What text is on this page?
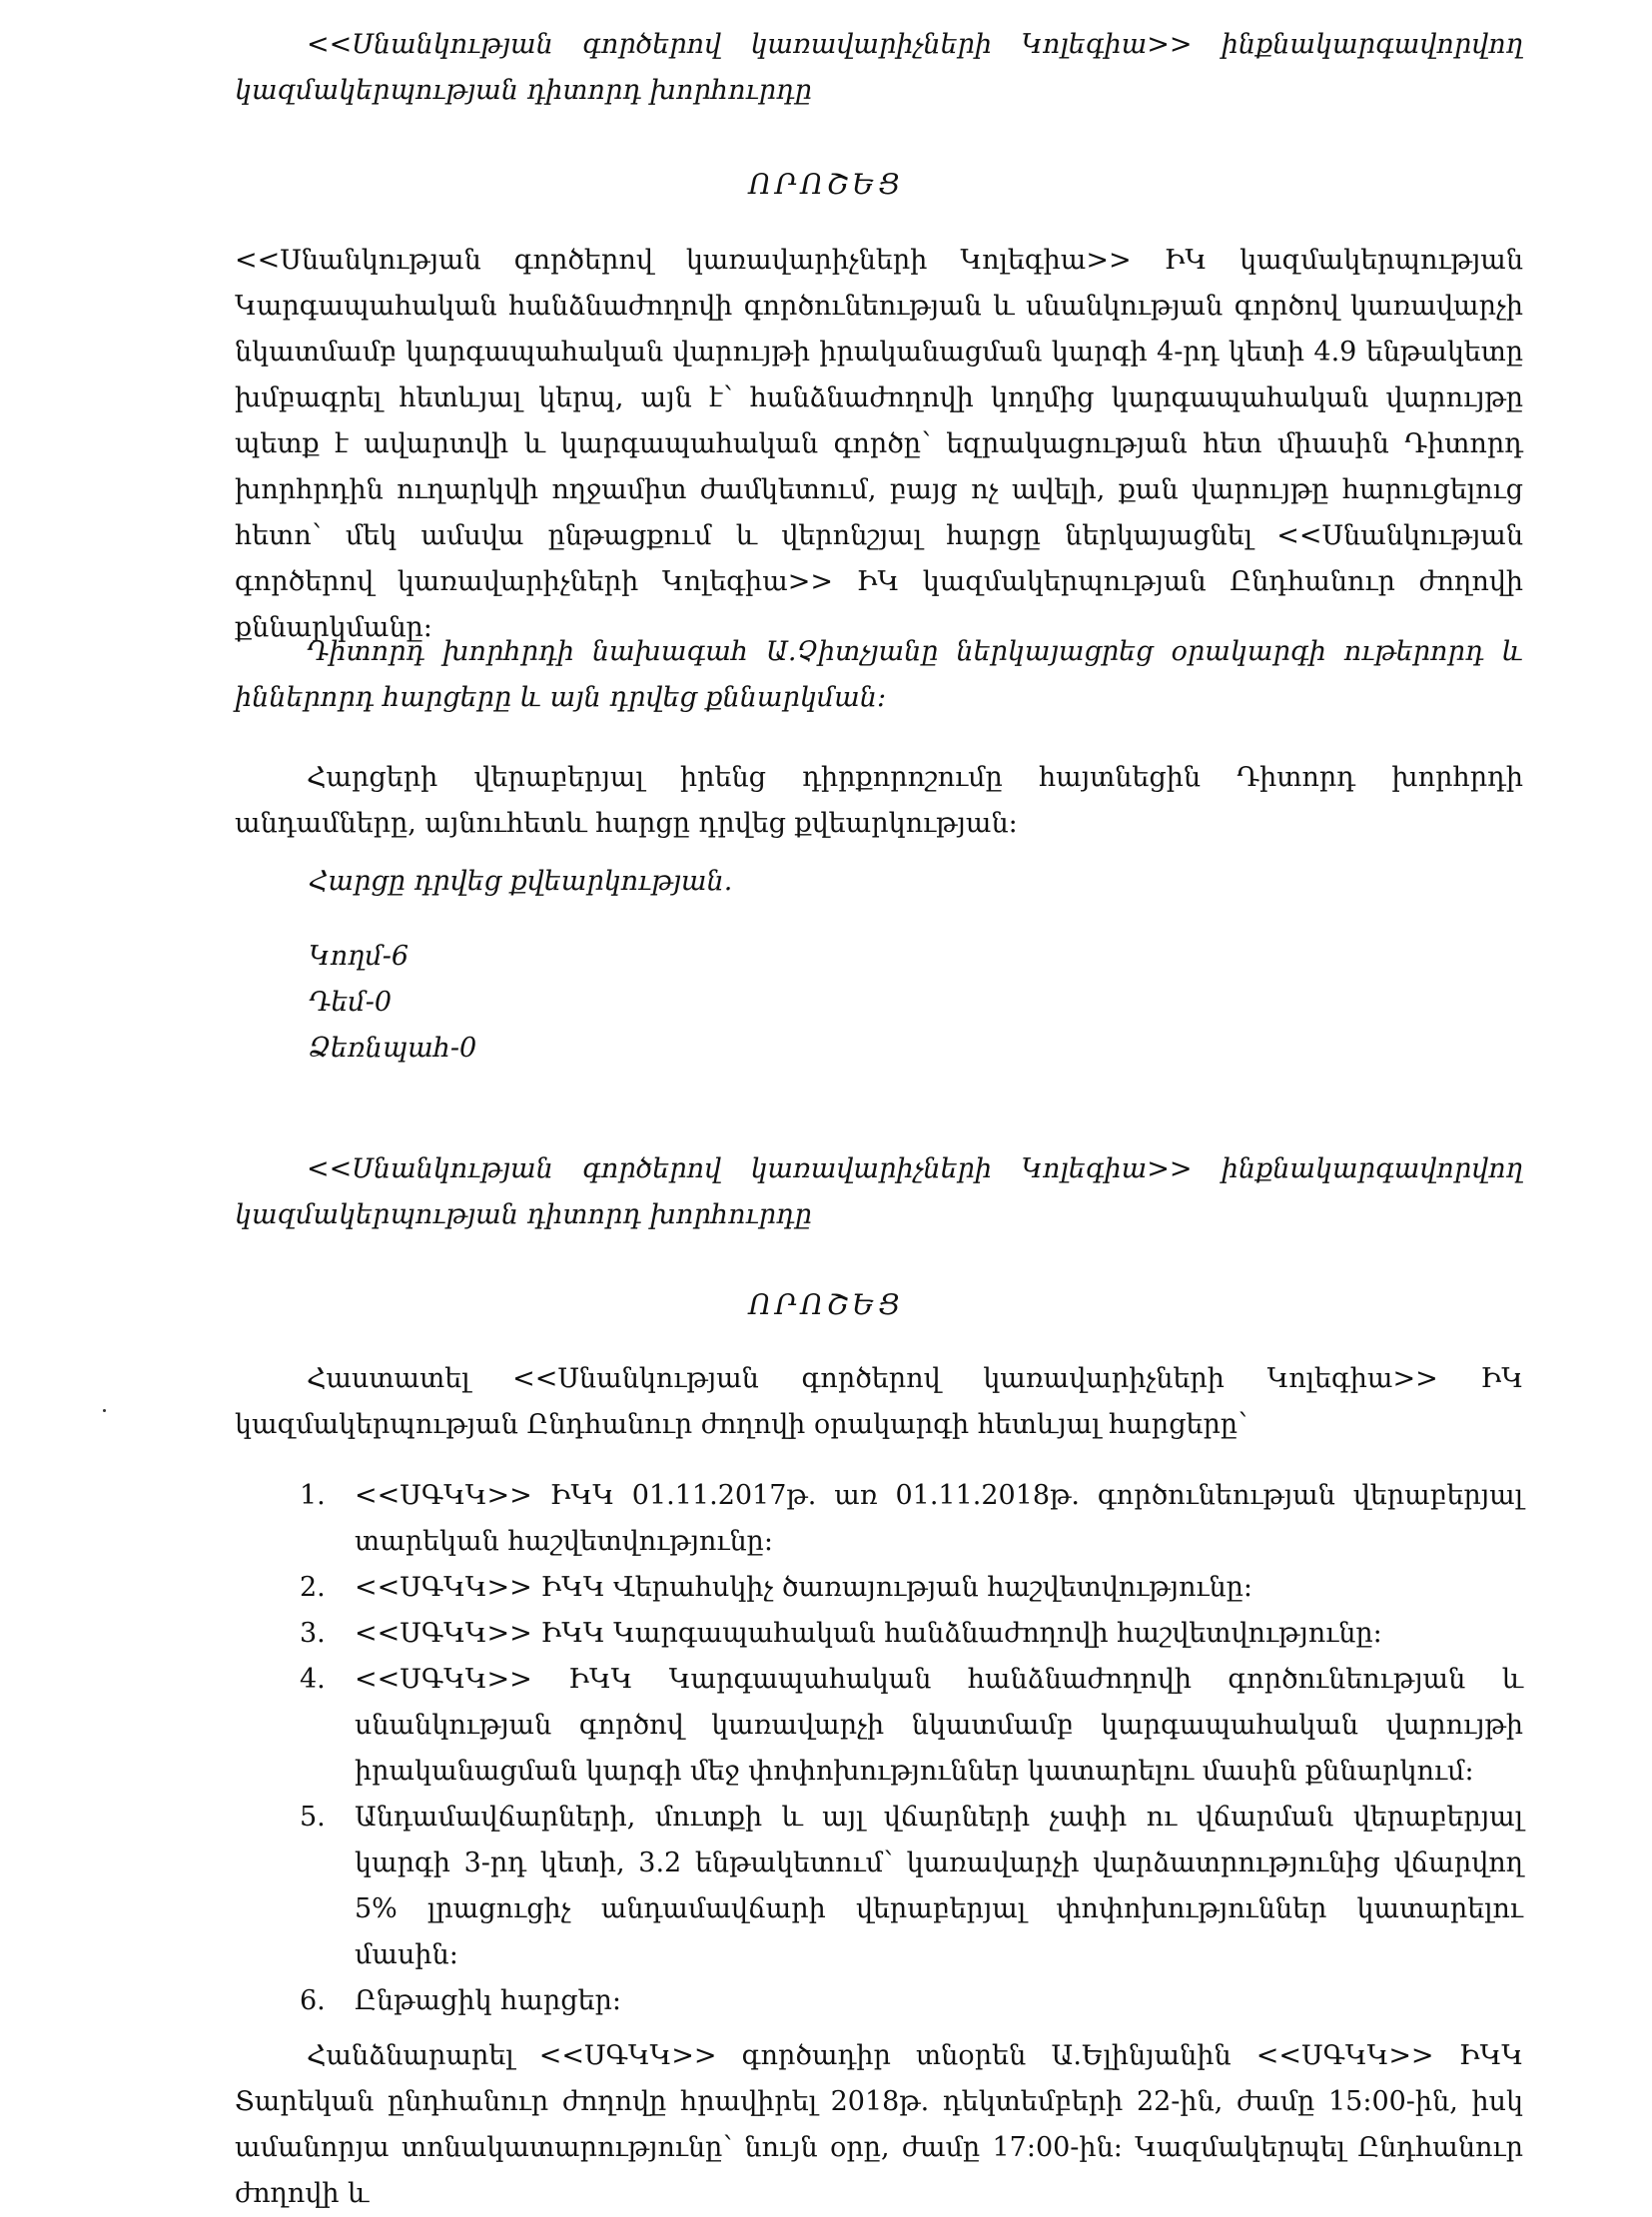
<<Սնանկության գործերով կառավարիչների Կոլեգիա>> ինքնակարգավորվող կազմակերպության դիտորդ խորհուրդը

ՈՐՈՇԵՑ

<<Սնանկության գործերով կառավարիչների Կոլեգիա>> ԻԿ կազմակերպության Կարգապահական հանձնաժողովի գործունեության և սնանկության գործով կառավարչի նկատմամբ կարգապահական վարույթի իրականացման կարգի 4-րդ կետի 4.9 ենթակետը խմբագրել հետևյալ կերպ, այն է՝ հանձնաժողովի կողմից կարգապահական վարույթը պետք է ավարտվի և կարգապահական գործը՝ եզրակացության հետ միասին Դիտորդ խորհրդին ուղարկվի ողջամիտ ժամկետում, բայց ոչ ավելի, քան վարույթը հարուցելուց հետո՝ մեկ ամսվա ընթացքում և վերոնշյալ հարցը ներկայացնել <<Սնանկության գործերով կառավարիչների Կոլեգիա>> ԻԿ կազմակերպության Ընդհանուր ժողովի քննարկմանը:

Դիտորդ խորհրդի նախագահ Ա.Չիտչյանը ներկայացրեց օրակարգի ութերորդ և իններորդ հարցերը և այն դրվեց քննարկման:

Հարցերի վերաբերյալ իրենց դիրքորոշումը հայտնեցին Դիտորդ խորհրդի անդամները, այնուհետև հարցը դրվեց քվեարկության:

Հարցը դրվեց քվեարկության.

Կողմ-6

Դեմ-0

Ձեռնպահ-0

<<Սնանկության գործերով կառավարիչների Կոլեգիա>> ինքնակարգավորվող կազմակերպության դիտորդ խորհուրդը

ՈՐՈՇԵՑ

Հաստատել <<Սնանկության գործերով կառավարիչների Կոլեգիա>> ԻԿ կազմակերպության Ընդհանուր ժողովի օրակարգի հետևյալ հարցերը՝

1. <<ՍԳԿԿ>> ԻԿԿ 01.11.2017թ. առ 01.11.2018թ. գործունեության վերաբերյալ տարեկան հաշվետվությունը:
2. <<ՍԳԿԿ>> ԻԿԿ Վերահսկիչ ծառայության հաշվետվությունը:
3. <<ՍԳԿԿ>> ԻԿԿ Կարգապահական հանձնաժողովի հաշվետվությունը:
4. <<ՍԳԿԿ>> ԻԿԿ Կարգապահական հանձնաժողովի գործունեության և սնանկության գործով կառավարչի նկատմամբ կարգապահական վարույթի իրականացման կարգի մեջ փոփոխություններ կատարելու մասին քննարկում:
5. Անդամավճարների, մուտքի և այլ վճարների չափի ու վճարման վերաբերյալ կարգի 3-րդ կետի, 3.2 ենթակետում՝ կառավարչի վարձատրությունից վճարվող 5% լրացուցիչ անդամավճարի վերաբերյալ փոփոխություններ կատարելու մասին:
6. Ընթացիկ հարցեր:

Հանձնարարել <<ՍԳԿԿ>> գործադիր տնօրեն Ա.Ելինյանին <<ՍԳԿԿ>> ԻԿԿ Տարեկան ընդհանուր ժողովը հրավիրել 2018թ. դեկտեմբերի 22-ին, ժամը 15:00-ին, իսկ ամանորյա տոնակատարությունը՝ նույն օրը, ժամը 17:00-ին: Կազմակերպել Ընդհանուր ժողովի և
